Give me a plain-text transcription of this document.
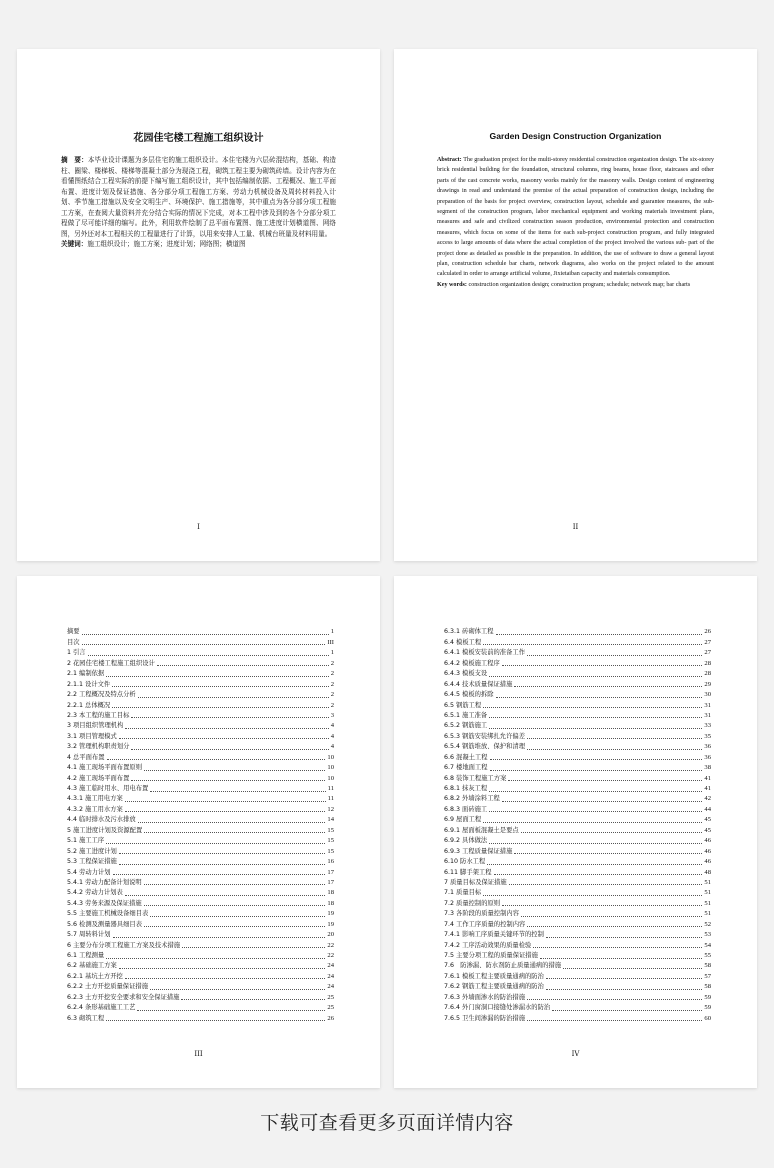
花园佳宅楼工程施工组织设计
摘　要：本毕业设计课题为多层住宅的施工组织设计。本住宅楼为六层砖混结构，基础、构造柱、圈梁、楼梯板、楼梯等混凝土部分为现浇工程，砌筑工程主要为砌筑砖墙。设计内容为在看懂图纸结合工程实际的前提下编写施工组织设计，其中包括编制依据、工程概况、施工平面布置、进度计划及保证措施、各分部分项工程施工方案、劳动力机械设备及周转材料投入计划、季节施工措施以及安全文明生产、环境保护、施工措施等，其中重点为各分部分项工程施工方案，在查阅大量资料并充分结合实际的情况下完成，对本工程中涉及到的各个分部分项工程做了尽可能详细的编写。此外，利用软件绘制了总平面布置图、施工进度计划横道图、网络图，另外还对本工程相关的工程量进行了计算，以用来安排人工量、机械台班量及材料用量。
关键词：施工组织设计；施工方案；进度计划；网络图；横道图
I
Garden Design Construction Organization
Abstract: The graduation project for the multi-storey residential construction organization design. The six-storey brick residential building for the foundation, structural columns, ring beams, house floor, staircases and other parts of the cast concrete works, masonry works mainly for the masonry walls. Design content of engineering drawings in read and understand the premise of the actual preparation of construction design, including the preparation of the basis for project overview, construction layout, schedule and guarantee measures, the sub-segment of the construction program, labor mechanical equipment and working materials investment plans, measures and safe and civilized construction season production, environmental protection and construction measures, which focus on some of the items for each sub-project construction program, and fully integrated access to large amounts of data where the actual completion of the project involved the various sub- part of the project done as detailed as possible in the preparation. In addition, the use of software to draw a general layout plan, construction schedule bar charts, network diagrams, also works on the project related to the amount calculated in order to arrange artificial volume, Jixietaiban capacity and materials consumption.
Key words: construction organization design; construction program; schedule; network map; bar charts
II
摘要	1
目次	III
1 引言	1
2 花园佳宅楼工程施工组织设计	2
2.1 编制依据	2
2.1.1 设计文件	2
2.2 工程概况及特点分析	2
2.2.1 总体概况	2
2.3 本工程的施工目标	3
3 项目组织管理机构	4
3.1 项目管理模式	4
3.2 管理机构职责划分	4
4 总平面布置	10
4.1 施工现场平面布置原则	10
4.2 施工现场平面布置	10
4.3 施工临时用水、用电布置	11
4.3.1 施工用电方案	11
4.3.2 施工用水方案	12
4.4 临时排水及污水排放	14
5 施工进度计划及资源配置	15
5.1 施工工序	15
5.2 施工进度计划	15
5.3 工程保证措施	16
5.4 劳动力计划	17
5.4.1 劳动力配备计划说明	17
5.4.2 劳动力计划表	18
5.4.3 劳务来源及保证措施	18
5.5 主要施工机械设备细目表	19
5.6 检测及测量器具细目表	19
5.7 周转料计划	20
6 主要分布分项工程施工方案及技术措施	22
6.1 工程测量	22
6.2 基础施工方案	24
6.2.1 基坑土方开挖	24
6.2.2 土方开挖质量保证措施	24
6.2.3 土方开挖安全要求和安全保证措施	25
6.2.4 条形基础施工工艺	25
6.3 砌筑工程	26
III
6.3.1 砖砌体工程	26
6.4 模板工程	27
6.4.1 模板安装前的准备工作	27
6.4.2 模板施工程序	28
6.4.3 模板支设	28
6.4.4 技术质量保证措施	29
6.4.5 模板的拆除	30
6.5 钢筋工程	31
6.5.1 施工准备	31
6.5.2 钢筋施工	33
6.5.3 钢筋安装绑扎允许偏差	35
6.5.4 钢筋堆放、保护和清理	36
6.6 混凝土工程	36
6.7 楼地面工程	38
6.8 装饰工程施工方案	41
6.8.1 抹灰工程	41
6.8.2 外墙涂料工程	42
6.8.3 面砖施工	44
6.9 屋面工程	45
6.9.1 屋面板混凝土是要点	45
6.9.2 具体做法	46
6.9.3 工程质量保证措施	46
6.10 防水工程	46
6.11 脚手架工程	48
7 质量目标及保证措施	51
7.1 质量目标	51
7.2 质量控制的原则	51
7.3 各阶段的质量控制内容	51
7.4 工作工序质量的控制内容	52
7.4.1 影响工序质量关键环节的控制	53
7.4.2 工序活动效果的质量检验	54
7.5 主要分项工程的质量保证措施	55
7.6　防渗漏、防水剂防止质量通病的措施	58
7.6.1 模板工程主要质量通病的防治	57
7.6.2 钢筋工程主要质量通病的防治	58
7.6.3 外墙面渗水的防治措施	59
7.6.4 外门窗洞口接缝处渗漏水的防治	59
7.6.5 卫生间渗漏的防治措施	60
IV
下载可查看更多页面详情内容
